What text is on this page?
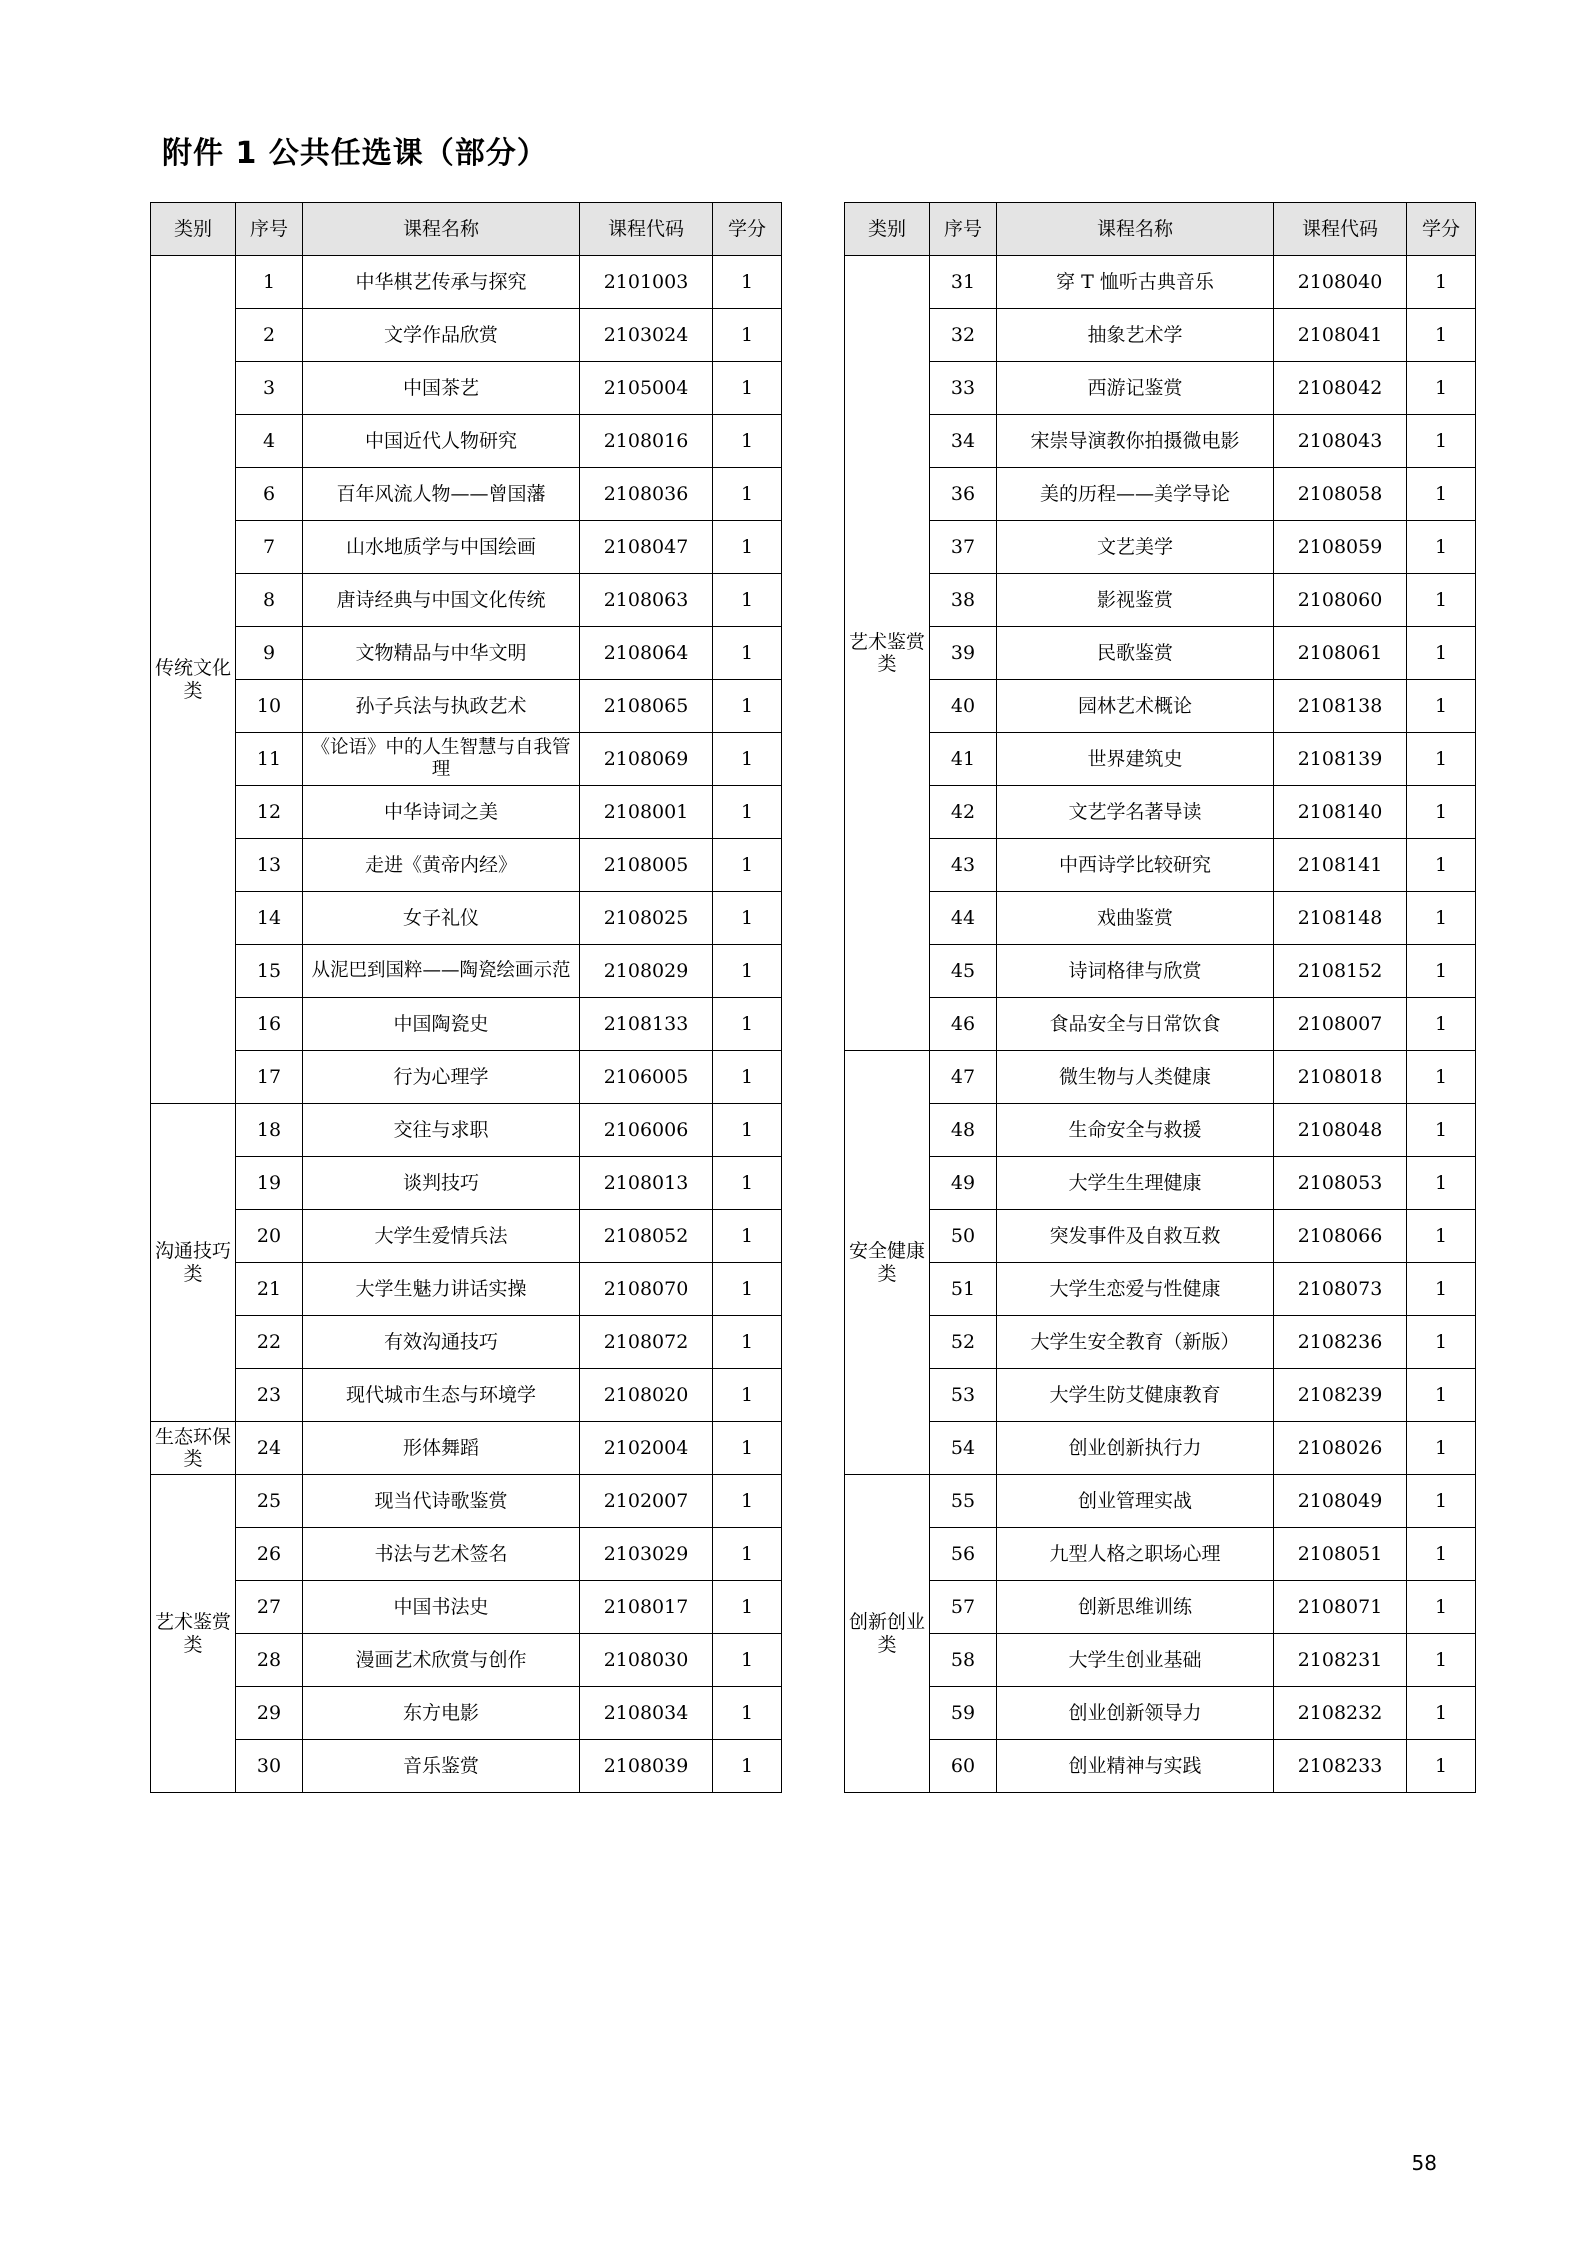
附件 1 公共任选课（部分）
类别	序号	课程名称	课程代码	学分
传统文化类	1	中华棋艺传承与探究	2101003	1
	2	文学作品欣赏	2103024	1
	3	中国茶艺	2105004	1
	4	中国近代人物研究	2108016	1
	6	百年风流人物——曾国藩	2108036	1
	7	山水地质学与中国绘画	2108047	1
	8	唐诗经典与中国文化传统	2108063	1
	9	文物精品与中华文明	2108064	1
	10	孙子兵法与执政艺术	2108065	1
	11	《论语》中的人生智慧与自我管理	2108069	1
	12	中华诗词之美	2108001	1
	13	走进《黄帝内经》	2108005	1
	14	女子礼仪	2108025	1
	15	从泥巴到国粹——陶瓷绘画示范	2108029	1
	16	中国陶瓷史	2108133	1
	17	行为心理学	2106005	1
沟通技巧类	18	交往与求职	2106006	1
	19	谈判技巧	2108013	1
	20	大学生爱情兵法	2108052	1
	21	大学生魅力讲话实操	2108070	1
	22	有效沟通技巧	2108072	1
	23	现代城市生态与环境学	2108020	1
生态环保类	24	形体舞蹈	2102004	1
艺术鉴赏类	25	现当代诗歌鉴赏	2102007	1
	26	书法与艺术签名	2103029	1
	27	中国书法史	2108017	1
	28	漫画艺术欣赏与创作	2108030	1
	29	东方电影	2108034	1
	30	音乐鉴赏	2108039	1
类别	序号	课程名称	课程代码	学分
艺术鉴赏类	31	穿 T 恤听古典音乐	2108040	1
	32	抽象艺术学	2108041	1
	33	西游记鉴赏	2108042	1
	34	宋崇导演教你拍摄微电影	2108043	1
	36	美的历程——美学导论	2108058	1
	37	文艺美学	2108059	1
	38	影视鉴赏	2108060	1
	39	民歌鉴赏	2108061	1
	40	园林艺术概论	2108138	1
	41	世界建筑史	2108139	1
	42	文艺学名著导读	2108140	1
	43	中西诗学比较研究	2108141	1
	44	戏曲鉴赏	2108148	1
	45	诗词格律与欣赏	2108152	1
	46	食品安全与日常饮食	2108007	1
安全健康类	47	微生物与人类健康	2108018	1
	48	生命安全与救援	2108048	1
	49	大学生生理健康	2108053	1
	50	突发事件及自救互救	2108066	1
	51	大学生恋爱与性健康	2108073	1
	52	大学生安全教育（新版）	2108236	1
	53	大学生防艾健康教育	2108239	1
	54	创业创新执行力	2108026	1
创新创业类	55	创业管理实战	2108049	1
	56	九型人格之职场心理	2108051	1
	57	创新思维训练	2108071	1
	58	大学生创业基础	2108231	1
	59	创业创新领导力	2108232	1
	60	创业精神与实践	2108233	1
58
